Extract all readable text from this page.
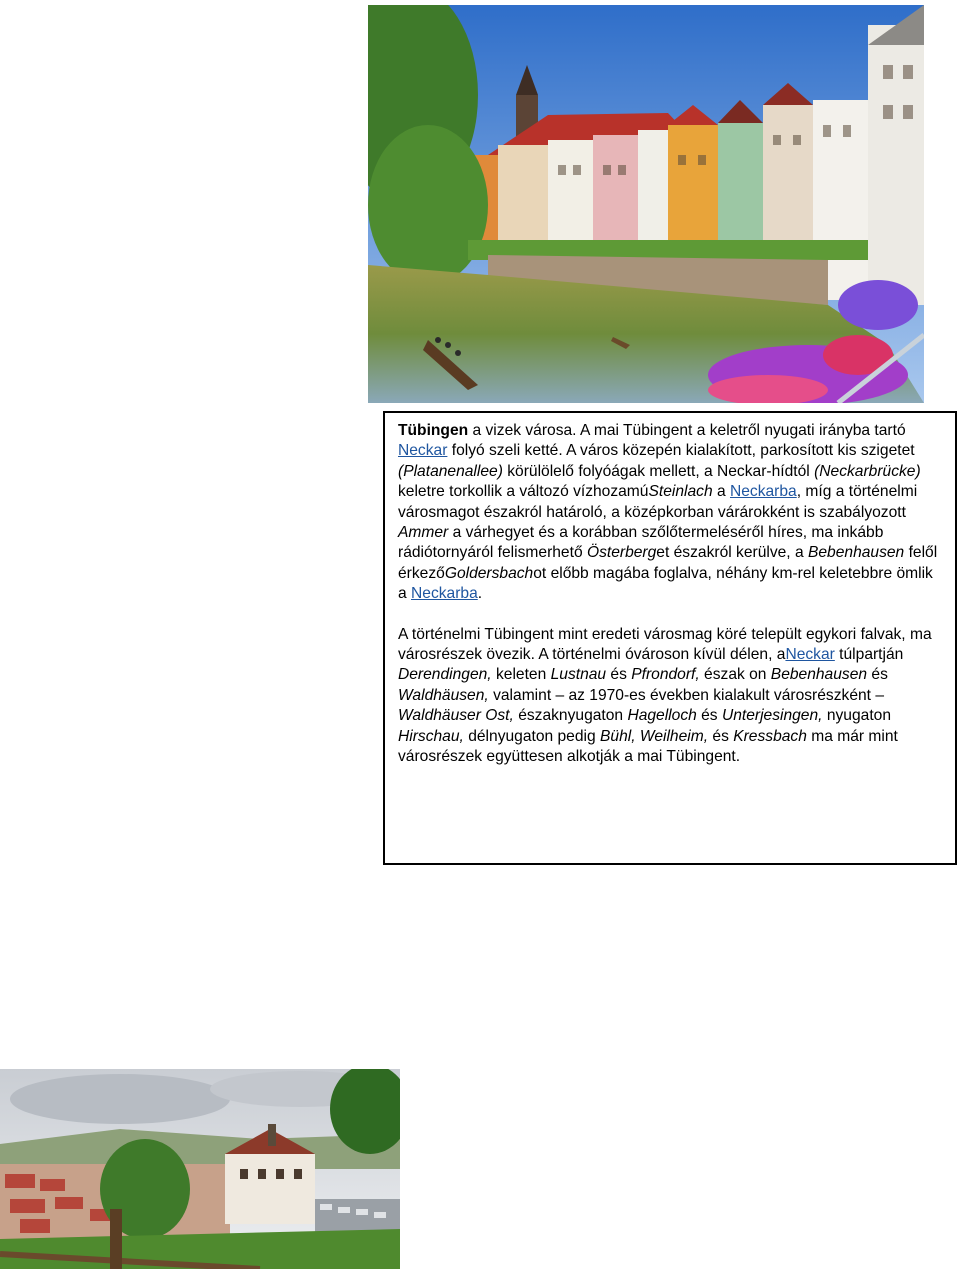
Tübingen a vizek városa. A mai Tübingent a keletről nyugati irányba tartó Neckar folyó szeli ketté. A város közepén kialakított, parkosított kis szigetet (Platanenallee) körülölelő folyóágak mellett, a Neckar-hídtól (Neckarbrücke) keletre torkollik a változó vízhozamúSteinlach a Neckarba, míg a történelmi városmagot északról határoló, a középkorban várárokként is szabályozott Ammer a várhegyet és a korábban szőlőtermeléséről híres, ma inkább rádiótornyáról felismerhető Österberget északról kerülve, a Bebenhausen felől érkezőGoldersbachot előbb magába foglalva, néhány km-rel keletebbre ömlik a Neckarba.

A történelmi Tübingent mint eredeti városmag köré települt egykori falvak, ma városrészek övezik. A történelmi óvároson kívül délen, aNeckar túlpartján Derendingen, keleten Lustnau és Pfrondorf, észak on Bebenhausen és Waldhäusen, valamint – az 1970-es években kialakult városrészként – Waldhäuser Ost, északnyugaton Hagelloch és Unterjesingen, nyugaton Hirschau, délnyugaton pedig Bühl, Weilheim, és Kressbach ma már mint városrészek együttesen alkotják a mai Tübingent.
